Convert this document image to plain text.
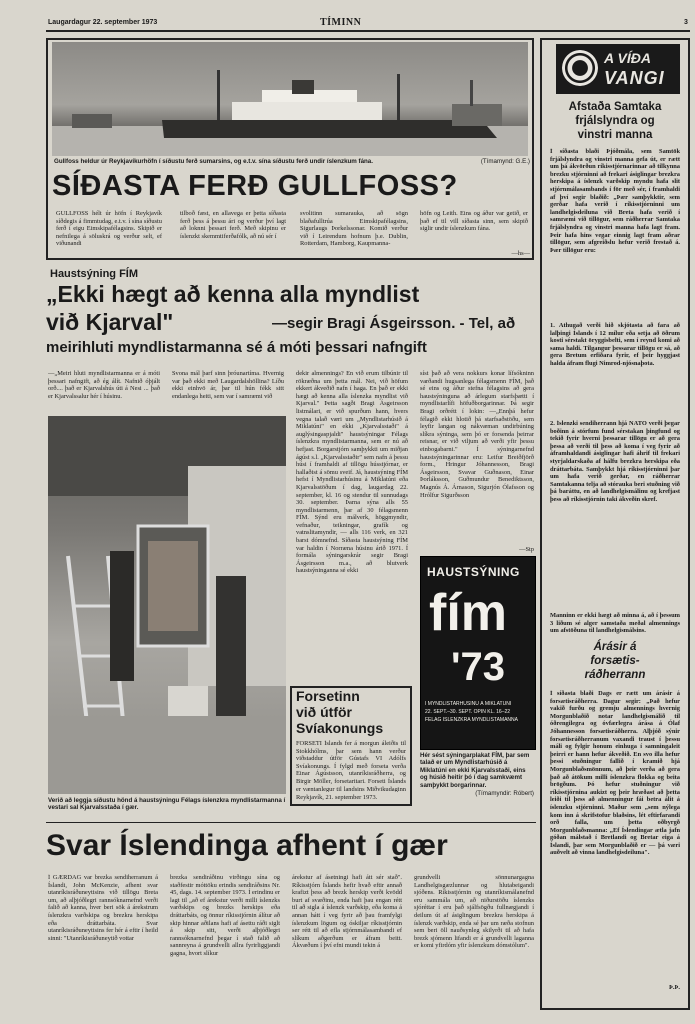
Laugardagur 22. september 1973	TÍMINN	3
Gullfoss heldur úr Reykjavíkurhöfn í síðustu ferð sumarsins, og e.t.v. sína síðustu ferð undir íslenzkum fána.	(Tímamynd: G.E.)
SÍÐASTA FERÐ GULLFOSS?
GULLFOSS hélt úr höfn í Reykjavík síðdegis á fimmtudag, e.t.v. í sína síðustu ferð í eigu Eimskipafélagsins. Skipið er nefnilega á söluskrá og verður selt, ef viðunandi
tilboð fæst, en allavega er þetta síðasta ferð þess á þessu ári og verður því lagt að loknni þessari ferð. Með skipinu er íslenzkt skemmtiferðafólk, að nú sér í
svolitinn sumarauka, að sögn blaðafulltrúa Eimskipafélagsins, Sigurlaugs Þorkelssonar. Komið verður við í Leirendum hofnum þ.e. Dublin, Rotterdam, Hamborg, Kaupmanna-
höfn og Leith. Eins og áður var getið, er það ef til vill síðasta sinn, sem skipið siglir undir íslenzkum fána.
—hs—
Haustsýning FÍM
„Ekki hægt að kenna alla myndlist
við Kjarval"	—segir Bragi Ásgeirsson. - Tel, að
meirihluti myndlistarmanna sé á móti þessari nafngift
—„Meiri hluti myndlistarmanna er á móti þessari nafngift, að ég álít. Nafnið óþjált orð.... það er Kjarvalshús úti á Nesi ... það er Kjarvalssalur hér í húsinu.
Svona mál þarf sinn þróunartíma. Hvernig var það ekki með Laugardalshöllina? Líðu ekki einhvö ár, þar til hún fékk sitt endanlega heiti, sem var í samræmi við
dekir almennings? En við erum tilbúnir til rökræðna um þetta mál. Nei, við höfum ekkert ákveðið nafn í haga. En það er ekki hægt að kenna alla íslenzka myndlist við Kjarval." Þetta sagði Bragi Ásgeirsson listmálari, er við spurðum hann, hvers vegna talað væri um „Myndlistarhúsið á Miklatúni" en ekki „Kjarvalsstaði" á auglýsingaspjaldi" haustsýningar Félags íslenzkra myndlistarmanna, sem er nú að hefjast. Borgarstjórn samþykkti um miðjan ágúst s.l. „Kjarvalsstaðir" sem nafn á þessu húsi í framhaldi af tillögu hússtjórnar, er hallaðist á sömu sveif. Já, haustsýning FÍM hefst í Myndlistarhúsinu á Miklatúni eða Kjarvalsstöðum í dag, laugardag 22. september, kl. 16 og stendur til sunnudags 30. september. Þarna sýna alls 55 myndlistarmenn, þar af 30 félagsmenn FÍM. Sýnd eru málverk, höggmyndir, vefnaður, teikningar, grafík og vatnslitamyndir, — alls 116 verk, en 321 barst dómnefnd. Síðasta haustsýning FÍM var haldin í Norræna húsinu árið 1971. Í formála sýningarskrár segir Bragi Ásgeirsson m.a., að blutverk haustsýninganna sé ekki
síst það að vera nokkurs konar lífsókninn varðandi hugsanlega félagsmenn FÍM, það sé eins og áður stefna félagsins að gera haustsýninguna að árlegum starfsþætti í myndlistarlífi höfuðborgarinnar. Þá segir Bragi orðrétt í lokin: —„Ennþá hefur félagið ekki hlotið þá starfsaðstöðu, sem leyfir langan og nákvæman undirbúning slíkra sýninga, sem þó er forsenda þeirrar reisnar, er við viljum að verði yfir þessu einbogabarni." Í sýningarnefnd haustsýningarinnar eru: Leifur Breiðfjörð form., Hringur Jóhannesson, Bragi Ásgeirsson, Svavar Guðnason, Einar Þorláksson, Guðmundur Benediktsson, Magnús Á. Árnason, Sigurjón Ólafsson og Hrólfur Sigurðsson
—Stp
Verið að leggja síðustu hönd á haustsýningu Félags íslenzkra myndlistarmanna í vestari sal Kjarvalsstaða í gær.
Forsetinn
við útför
Svíakonungs
FORSETI Íslands fer á morgun áleiðis til Stokkhólms, þar sem hann verður viðstaddur útför Gústafs VI Adólfs Svíakonungs. Í fylgd með forseta verða Einar Ágústsson, utanríkisráðherra, og Birgir Möller, forsetaritari. Forseti Íslands er væntanlegur til landsins Miðvikudaginn
Reykjavík, 21. september 1973.
HAUSTSÝNING
fím
'73
Í MYNDLISTARHÚSINU Á MIKLATÚNI
22. SEPT.–30. SEPT. OPIN KL. 16–22
FÉLAG ÍSLENZKRA MYNDLISTAMANNA
Hér sést sýningarplakat FÍM, þar sem talað er um Myndlistarhúsið á Miklatúni en ekki Kjarvalsstaði, eins og húsið heitir þó í dag samkvæmt samþykkt borgarinnar.
(Tímamyndir: Róbert)
Svar Íslendinga afhent í gær
Í GÆRDAG var brezka sendiherranum á Íslandi, John McKenzie, afhent svar utanríkisráðuneytisins við tillögu Breta um, að alþjóðlegri rannsóknarnefnd verði falið að kanna, hver beri sök á árekstrum íslenzkra varðskipa og brezkra herskipa eða dráttarbáta. Svar utanríkisráðuneytisins fer hér á eftir í heild sinni: "Utanríkisráðuneytið vottar
brezka sendiráðinu virðingu sína og staðfestir móttöku erindis sendiráðsins Nr. 45, dags. 14. september 1973. Í erindinu er lagt til „að ef árekstur verði milli íslenzks varðskips og brezks herskips eða dráttarbáts, og önnur ríkisstjórnin álítur að skip hinnar aðilans hafi af ásettu ráði siglt á skip sitt, verði alþjóðlegri rannsóknarnefnd þegar í stað falið að sannreyna á grundvelli allra fyrirliggjandi gagna, hvort slíkur
árekstur af ásetningi hafi átt sér stað". Ríkisstjórn Íslands hefir hvað eftir annað krafizt þess að brezk herskip verði kvödd burt af svæðinu, enda hafi þau engan rétt til að sigla á íslenzk varðskip, eða koma á annan hátt í veg fyrir að þau framfylgi íslenzkum lögum og óskiljar ríkisstjórnin ser rétt til að efla stjórnmálasambandi ef slíkum aðgerðum er áfram beitt. Ákvæðum í því efni mundi tekin á
grundvelli sönnunargagna Landhelgisgæzlunnar og hlutabeigandi sjóðens. Ríkisstjórnin og utanríkismálanefnd eru sammála um, að niðurstöðu íslenzks sjóréttar í eru það sjálfsögðu fullnægjandi í deilum út af ásiglingum brezkra herskipa á íslenzk varðskip, enda sé þar um ræða stofnun sem beri öll nauðsynleg skilyrði til að hafa brezk sjómenn lifandi er á grundvelli laganna er komi yfirdóm yfir íslenzkum dómstólum".
A VÍÐA
VANGI
Afstaða Samtaka
frjálslyndra og
vinstri manna
Í síðasta blaði Þjóðmála, sem Samtök frjálslyndra og vinstri manna gefa út, er rætt um þá ákvörðun ríkisstjórnarinnar að tilkynna brezku stjórninni að frekari ásiglingar brezkra herskipa á íslenzk varðskip myndu hafa slit stjórnmálasambands í för með sér, í framhaldi af því segir blaðið: „Þær samþykktir, sem gerðar hafa verið í ríkisstjórninni um landhelgisdeiluna við Breta hafa verið í samræmi við tillögur, sem ráðherrar Samtaka frjálslyndra og vinstri manna hafa lagt fram. Þeir hafa hins vegar einnig lagt fram aðrar tillögur, sem afgreiðslu hefur verið frestað á. Þær tillögur eru:
1. Athugað verði hið skjótasta að fara að lalþingi Íslands í 12 mílur eða setja að öðrum kosti sérstakt öryggisbelti, sem í reynd komi að sama haldi. Tilgangur þessarar tillögu er sá, að gera Bretum erfiðara fyrir, ef þeir hyggjast halda áfram flugi Nimrod-njósnaþota.
2. Íslenzki sendiherrann hjá NATO verði þegar boðinn á stórfum fund sérstakan þingfund og tekið fyrir hverni þessarar tillögu er að gera þessa að verði til þess að koma í veg fyrir að áframhaldandi ásiglingar hafi áhrif til frekari styrjaldarskaða af hálfu brezkra herskipa eða dráttarbáta. Samþykkt hjá ríkisstjórninni þar um hafa verið gerðar, en ráðherrar Samtakanna telja að stórauka beri stuðning við þá baráttu, en að landhelgismálinu og krefjast þess að ríkisstjórnin taki ákveðin skref.
Manninn er ekki hægt að minna á, að í þessum 3 liðum sé alger samstaða meðal almennings um afstöðuna til landhelgismálsins.
Árásir á
forsætis-
ráðherrann
Í síðasta blaði Dags er rætt um árásir á forsætisráðherra. Dagur segir: „Það hefur vakið furðu og gremju almennings hvernig Morgunblaðið notar landhelgismálið til óðrengilegra og óvfærlegra árása á Ólaf Jóhannesson forsætisráðherra. Alþjóð sýnir forsætisráðherranum vaxandi traust í þessu máli og fylgir honum einhuga í samningaleit þeirri er hann hefur ákveðið. En svo illa hefur þessi stuðningur fallið í kramið hjá Morgunblaðsmönnum, að þeir verða að gera það að átökum milli íslenzkra flokka og beita brögðum. Þó hefur stuðningur við ríkisstjórnina aukizt og þeir hræðast að þetta leiði til þess að almenningur fái betra álit á íslenzku stjórninni. Maður sem „sem nýlega kom inn á skrifstofur blaðsins, lét eftirfarandi orð falla, um þetta oðbyrgð Morgunblaðsmanna: „Ef Íslendingar ætla jafn góðan málstað í Bretlandi og Bretar eiga á Íslandi, þar sem Morgunblaðið er — þá væri auðvelt að vinna landhelgisdeiluna".
Þ.Þ.
